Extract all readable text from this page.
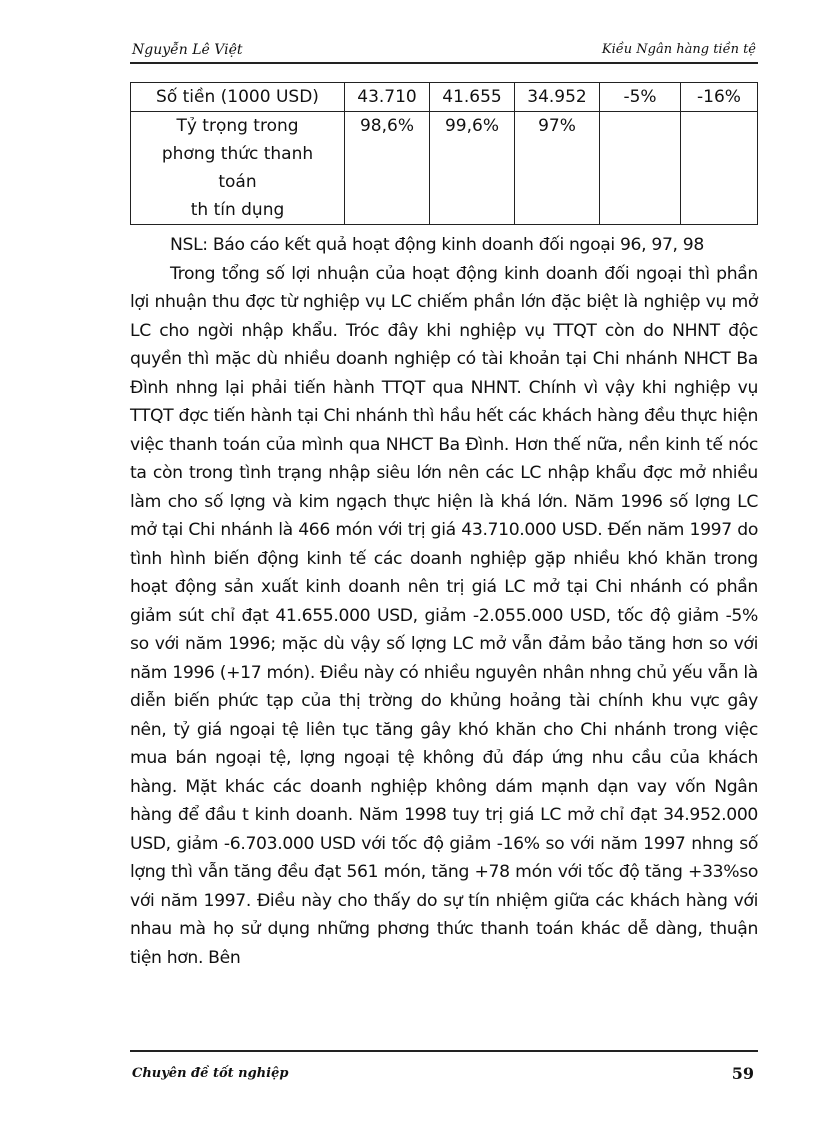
Nguyễn Lê Việt	Kiều Ngân hàng tiền tệ
Số tiền (1000 USD)	43.710	41.655	34.952	-5%	-16%

Tỷ trọng trong
phơng thức thanh
toán
th tín dụng	98,6%	99,6%	97%		

NSL: Báo cáo kết quả hoạt động kinh doanh đối ngoại 96, 97, 98

Trong tổng số lợi nhuận của hoạt động kinh doanh đối ngoại thì phần lợi nhuận thu đợc từ nghiệp vụ LC chiếm phần lớn đặc biệt là nghiệp vụ mở LC cho ngời nhập khẩu. Tróc đây khi nghiệp vụ TTQT còn do NHNT độc quyền thì mặc dù nhiều doanh nghiệp có tài khoản tại Chi nhánh NHCT Ba Đình nhng lại phải tiến hành TTQT qua NHNT. Chính vì vậy khi nghiệp vụ TTQT đợc tiến hành tại Chi nhánh thì hầu hết các khách hàng đều thực hiện việc thanh toán của mình qua NHCT Ba Đình. Hơn thế nữa, nền kinh tế nóc ta còn trong tình trạng nhập siêu lớn nên các LC nhập khẩu đợc mở nhiều làm cho số lợng và kim ngạch thực hiện là khá lớn. Năm 1996 số lợng LC mở tại Chi nhánh là 466 món với trị giá 43.710.000 USD. Đến năm 1997 do tình hình biến động kinh tế các doanh nghiệp gặp nhiều khó khăn trong hoạt động sản xuất kinh doanh nên trị giá LC mở tại Chi nhánh có phần giảm sút chỉ đạt 41.655.000 USD, giảm -2.055.000 USD, tốc độ giảm -5% so với năm 1996; mặc dù vậy số lợng LC mở vẫn đảm bảo tăng hơn so với năm 1996 (+17 món). Điều này có nhiều nguyên nhân nhng chủ yếu vẫn là diễn biến phức tạp của thị trờng do khủng hoảng tài chính khu vực gây nên, tỷ giá ngoại tệ liên tục tăng gây khó khăn cho Chi nhánh trong việc mua bán ngoại tệ, lợng ngoại tệ không đủ đáp ứng nhu cầu của khách hàng. Mặt khác các doanh nghiệp không dám mạnh dạn vay vốn Ngân hàng để đầu t kinh doanh. Năm 1998 tuy trị giá LC mở chỉ đạt 34.952.000 USD, giảm -6.703.000 USD với tốc độ giảm -16% so với năm 1997 nhng số lợng thì vẫn tăng đều đạt 561 món, tăng +78 món với tốc độ tăng +33%so với năm 1997. Điều này cho thấy do sự tín nhiệm giữa các khách hàng với nhau mà họ sử dụng những phơng thức thanh toán khác dễ dàng, thuận tiện hơn. Bên

Chuyên đề tốt nghiệp	59
